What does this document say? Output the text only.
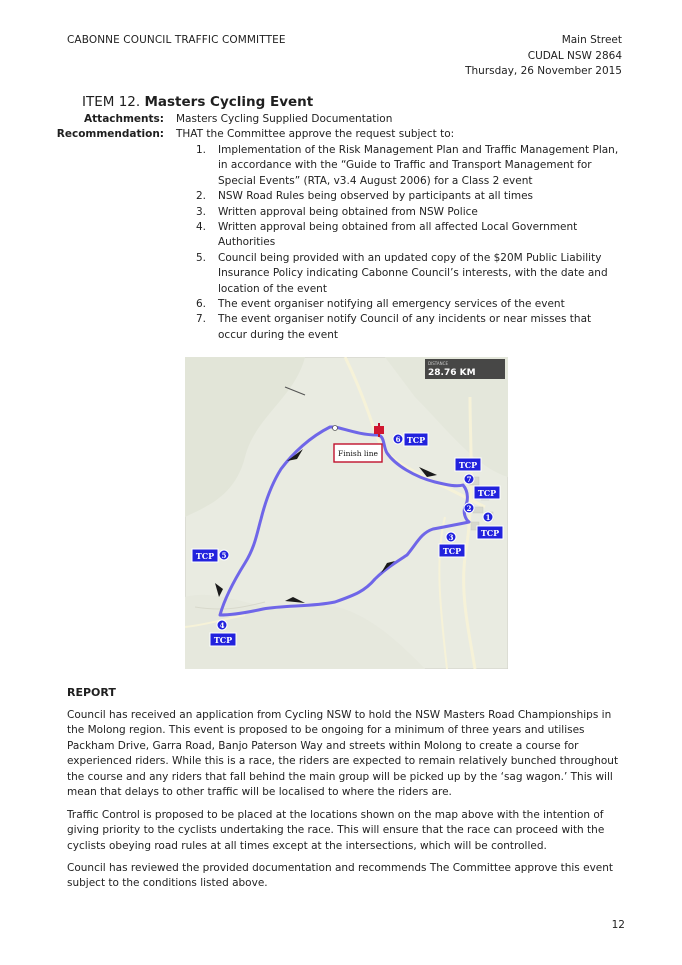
CABONNE COUNCIL TRAFFIC COMMITTEE	Main Street
CUDAL NSW 2864
Thursday, 26 November 2015
ITEM 12. Masters Cycling Event
Attachments: Masters Cycling Supplied Documentation
Recommendation: THAT the Committee approve the request subject to:
1. Implementation of the Risk Management Plan and Traffic Management Plan, in accordance with the “Guide to Traffic and Transport Management for Special Events” (RTA, v3.4 August 2006) for a Class 2 event
2. NSW Road Rules being observed by participants at all times
3. Written approval being obtained from NSW Police
4. Written approval being obtained from all affected Local Government Authorities
5. Council being provided with an updated copy of the $20M Public Liability Insurance Policy indicating Cabonne Council’s interests, with the date and location of the event
6. The event organiser notifying all emergency services of the event
7. The event organiser notify Council of any incidents or near misses that occur during the event
Finish line
DISTANCE
28.76 KM
6 TCP
TCP
7
TCP
2
1
TCP
3
TCP
TCP 5
4
TCP
REPORT
Council has received an application from Cycling NSW to hold the NSW Masters Road Championships in the Molong region. This event is proposed to be ongoing for a minimum of three years and utilises Packham Drive, Garra Road, Banjo Paterson Way and streets within Molong to create a course for experienced riders. While this is a race, the riders are expected to remain relatively bunched throughout the course and any riders that fall behind the main group will be picked up by the ‘sag wagon.’ This will mean that delays to other traffic will be localised to where the riders are.
Traffic Control is proposed to be placed at the locations shown on the map above with the intention of giving priority to the cyclists undertaking the race. This will ensure that the race can proceed with the cyclists obeying road rules at all times except at the intersections, which will be controlled.
Council has reviewed the provided documentation and recommends The Committee approve this event subject to the conditions listed above.
12
